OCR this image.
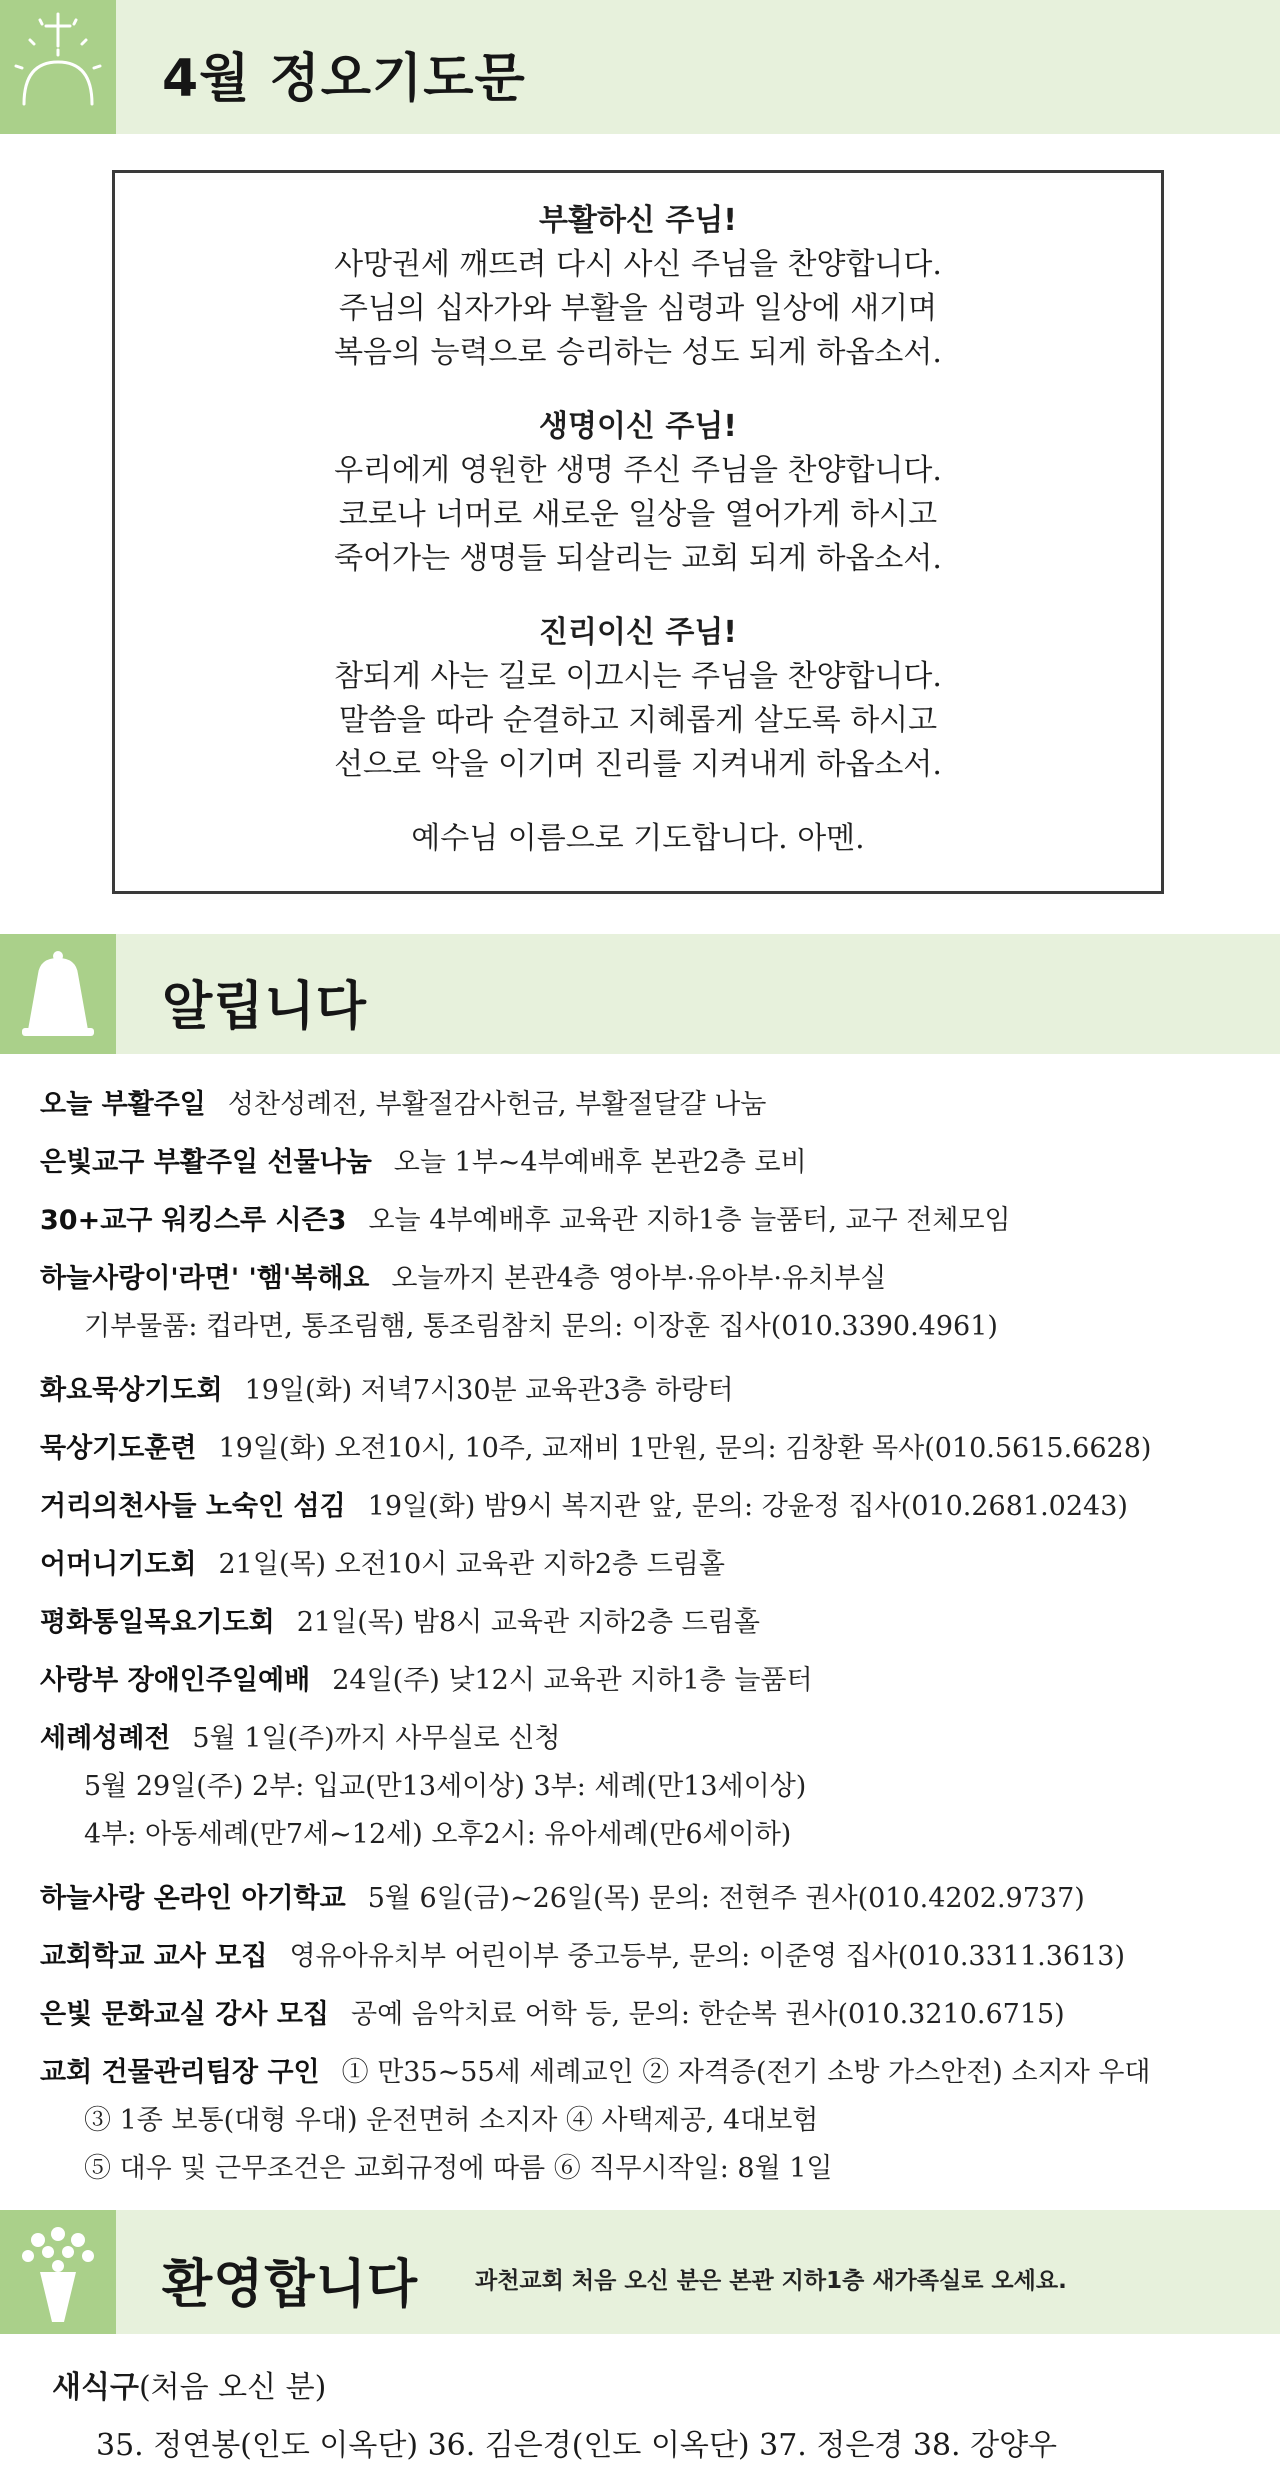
4월 정오기도문
부활하신 주님!
사망권세 깨뜨려 다시 사신 주님을 찬양합니다.
주님의 십자가와 부활을 심령과 일상에 새기며
복음의 능력으로 승리하는 성도 되게 하옵소서.
생명이신 주님!
우리에게 영원한 생명 주신 주님을 찬양합니다.
코로나 너머로 새로운 일상을 열어가게 하시고
죽어가는 생명들 되살리는 교회 되게 하옵소서.
진리이신 주님!
참되게 사는 길로 이끄시는 주님을 찬양합니다.
말씀을 따라 순결하고 지혜롭게 살도록 하시고
선으로 악을 이기며 진리를 지켜내게 하옵소서.
예수님 이름으로 기도합니다. 아멘.
알립니다
오늘 부활주일 성찬성례전, 부활절감사헌금, 부활절달걀 나눔
은빛교구 부활주일 선물나눔 오늘 1부~4부예배후 본관2층 로비
30+교구 워킹스루 시즌3 오늘 4부예배후 교육관 지하1층 늘품터, 교구 전체모임
하늘사랑이'라면' '햄'복해요 오늘까지 본관4층 영아부·유아부·유치부실
기부물품: 컵라면, 통조림햄, 통조림참치 문의: 이장훈 집사(010.3390.4961)
화요묵상기도회 19일(화) 저녁7시30분 교육관3층 하랑터
묵상기도훈련 19일(화) 오전10시, 10주, 교재비 1만원, 문의: 김창환 목사(010.5615.6628)
거리의천사들 노숙인 섬김 19일(화) 밤9시 복지관 앞, 문의: 강윤정 집사(010.2681.0243)
어머니기도회 21일(목) 오전10시 교육관 지하2층 드림홀
평화통일목요기도회 21일(목) 밤8시 교육관 지하2층 드림홀
사랑부 장애인주일예배 24일(주) 낮12시 교육관 지하1층 늘품터
세례성례전 5월 1일(주)까지 사무실로 신청
5월 29일(주) 2부: 입교(만13세이상) 3부: 세례(만13세이상)
4부: 아동세례(만7세~12세) 오후2시: 유아세례(만6세이하)
하늘사랑 온라인 아기학교 5월 6일(금)~26일(목) 문의: 전현주 권사(010.4202.9737)
교회학교 교사 모집 영유아유치부 어린이부 중고등부, 문의: 이준영 집사(010.3311.3613)
은빛 문화교실 강사 모집 공예 음악치료 어학 등, 문의: 한순복 권사(010.3210.6715)
교회 건물관리팀장 구인 ① 만35~55세 세례교인 ② 자격증(전기 소방 가스안전) 소지자 우대
③ 1종 보통(대형 우대) 운전면허 소지자 ④ 사택제공, 4대보험
⑤ 대우 및 근무조건은 교회규정에 따름 ⑥ 직무시작일: 8월 1일
환영합니다 과천교회 처음 오신 분은 본관 지하1층 새가족실로 오세요.
새식구(처음 오신 분)
35. 정연봉(인도 이옥단) 36. 김은경(인도 이옥단) 37. 정은경 38. 강양우
